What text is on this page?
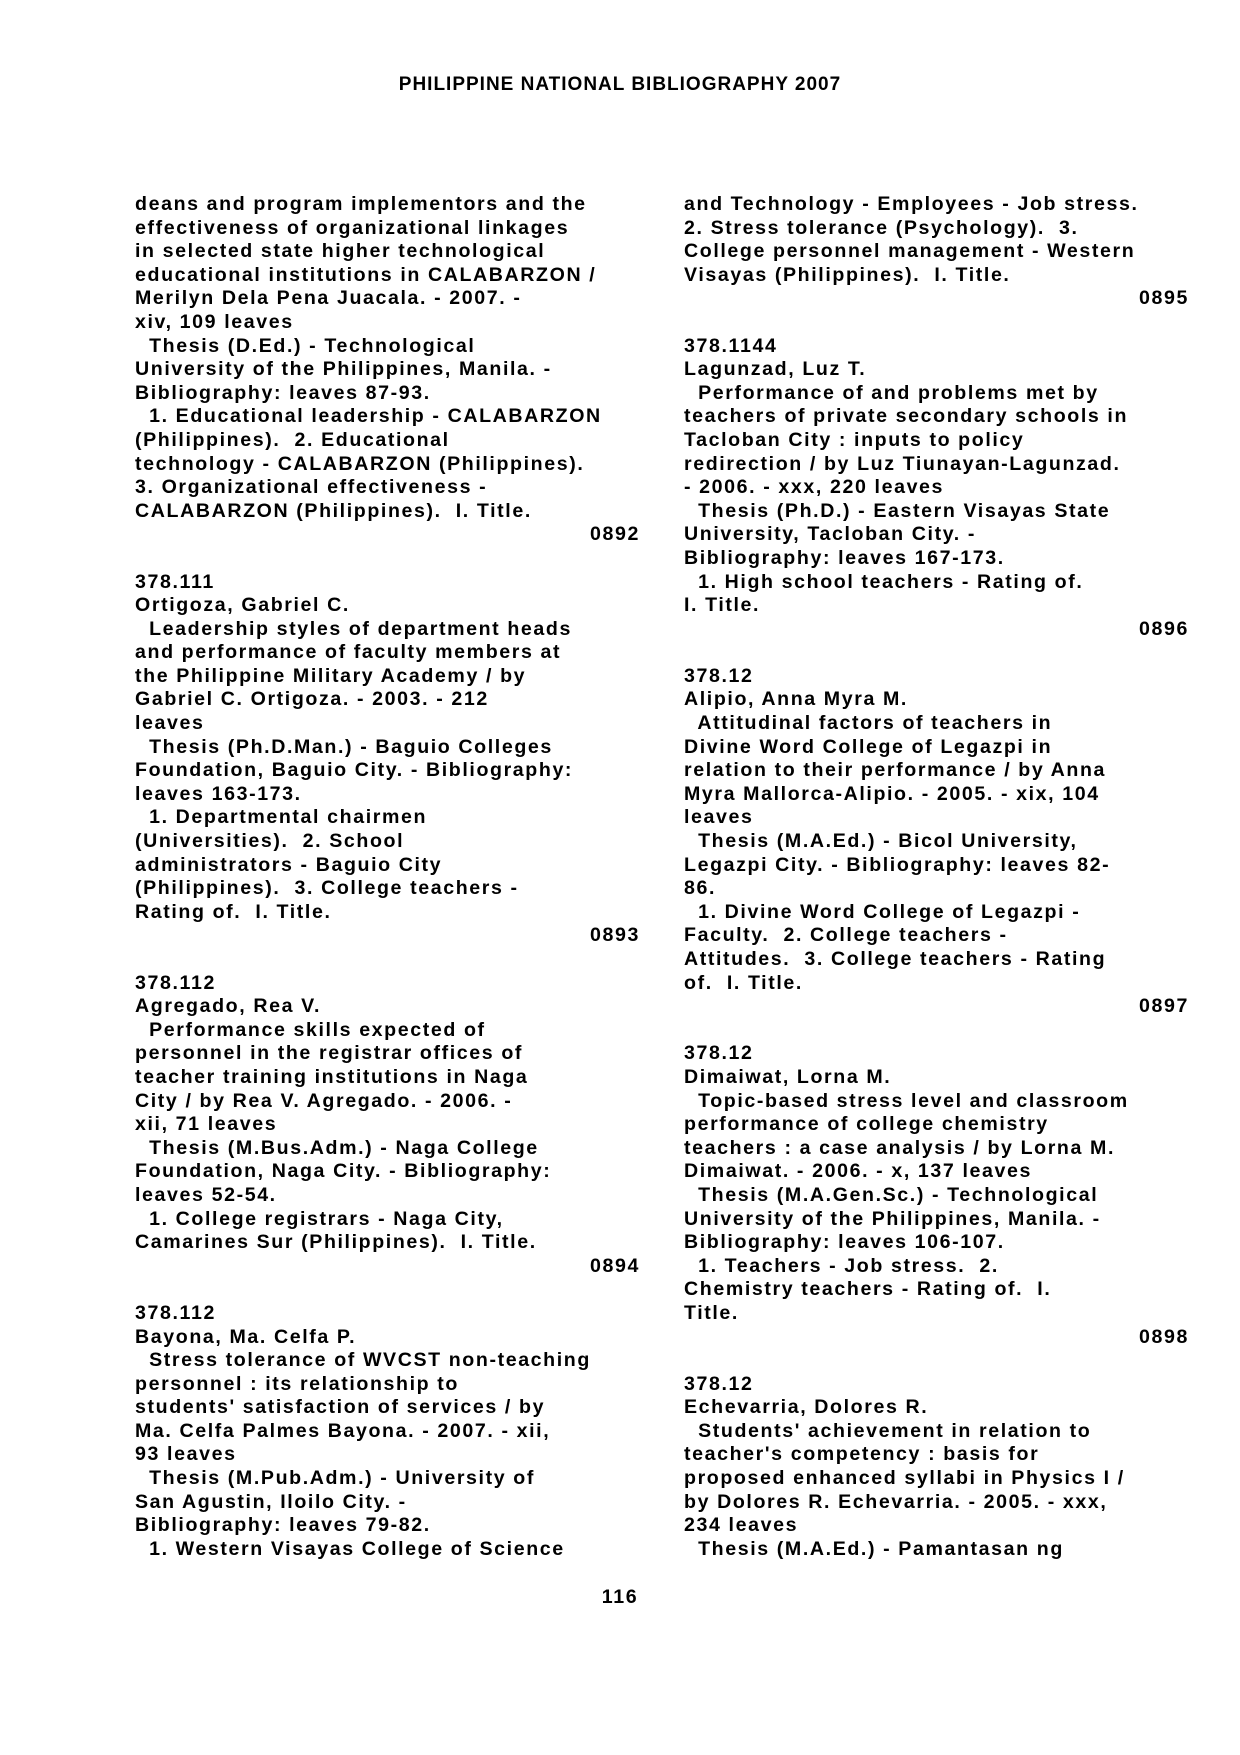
PHILIPPINE NATIONAL BIBLIOGRAPHY 2007
deans and program implementors and the
effectiveness of organizational linkages
in selected state higher technological
educational institutions in CALABARZON /
Merilyn Dela Pena Juacala. - 2007. -
xiv, 109 leaves
Thesis (D.Ed.) - Technological
University of the Philippines, Manila. -
Bibliography: leaves 87-93.
1. Educational leadership - CALABARZON
(Philippines).  2. Educational
technology - CALABARZON (Philippines).
3. Organizational effectiveness -
CALABARZON (Philippines).  I. Title.
0892
378.111
Ortigoza, Gabriel C.
Leadership styles of department heads
and performance of faculty members at
the Philippine Military Academy / by
Gabriel C. Ortigoza. - 2003. - 212
leaves
Thesis (Ph.D.Man.) - Baguio Colleges
Foundation, Baguio City. - Bibliography:
leaves 163-173.
1. Departmental chairmen
(Universities).  2. School
administrators - Baguio City
(Philippines).  3. College teachers -
Rating of.  I. Title.
0893
378.112
Agregado, Rea V.
Performance skills expected of
personnel in the registrar offices of
teacher training institutions in Naga
City / by Rea V. Agregado. - 2006. -
xii, 71 leaves
Thesis (M.Bus.Adm.) - Naga College
Foundation, Naga City. - Bibliography:
leaves 52-54.
1. College registrars - Naga City,
Camarines Sur (Philippines).  I. Title.
0894
378.112
Bayona, Ma. Celfa P.
Stress tolerance of WVCST non-teaching
personnel : its relationship to
students' satisfaction of services / by
Ma. Celfa Palmes Bayona. - 2007. - xii,
93 leaves
Thesis (M.Pub.Adm.) - University of
San Agustin, Iloilo City. -
Bibliography: leaves 79-82.
1. Western Visayas College of Science
and Technology - Employees - Job stress.
2. Stress tolerance (Psychology).  3.
College personnel management - Western
Visayas (Philippines).  I. Title.
0895
378.1144
Lagunzad, Luz T.
Performance of and problems met by
teachers of private secondary schools in
Tacloban City : inputs to policy
redirection / by Luz Tiunayan-Lagunzad.
- 2006. - xxx, 220 leaves
Thesis (Ph.D.) - Eastern Visayas State
University, Tacloban City. -
Bibliography: leaves 167-173.
1. High school teachers - Rating of.
I. Title.
0896
378.12
Alipio, Anna Myra M.
Attitudinal factors of teachers in
Divine Word College of Legazpi in
relation to their performance / by Anna
Myra Mallorca-Alipio. - 2005. - xix, 104
leaves
Thesis (M.A.Ed.) - Bicol University,
Legazpi City. - Bibliography: leaves 82-
86.
1. Divine Word College of Legazpi -
Faculty.  2. College teachers -
Attitudes.  3. College teachers - Rating
of.  I. Title.
0897
378.12
Dimaiwat, Lorna M.
Topic-based stress level and classroom
performance of college chemistry
teachers : a case analysis / by Lorna M.
Dimaiwat. - 2006. - x, 137 leaves
Thesis (M.A.Gen.Sc.) - Technological
University of the Philippines, Manila. -
Bibliography: leaves 106-107.
1. Teachers - Job stress.  2.
Chemistry teachers - Rating of.  I.
Title.
0898
378.12
Echevarria, Dolores R.
Students' achievement in relation to
teacher's competency : basis for
proposed enhanced syllabi in Physics I /
by Dolores R. Echevarria. - 2005. - xxx,
234 leaves
Thesis (M.A.Ed.) - Pamantasan ng
116
